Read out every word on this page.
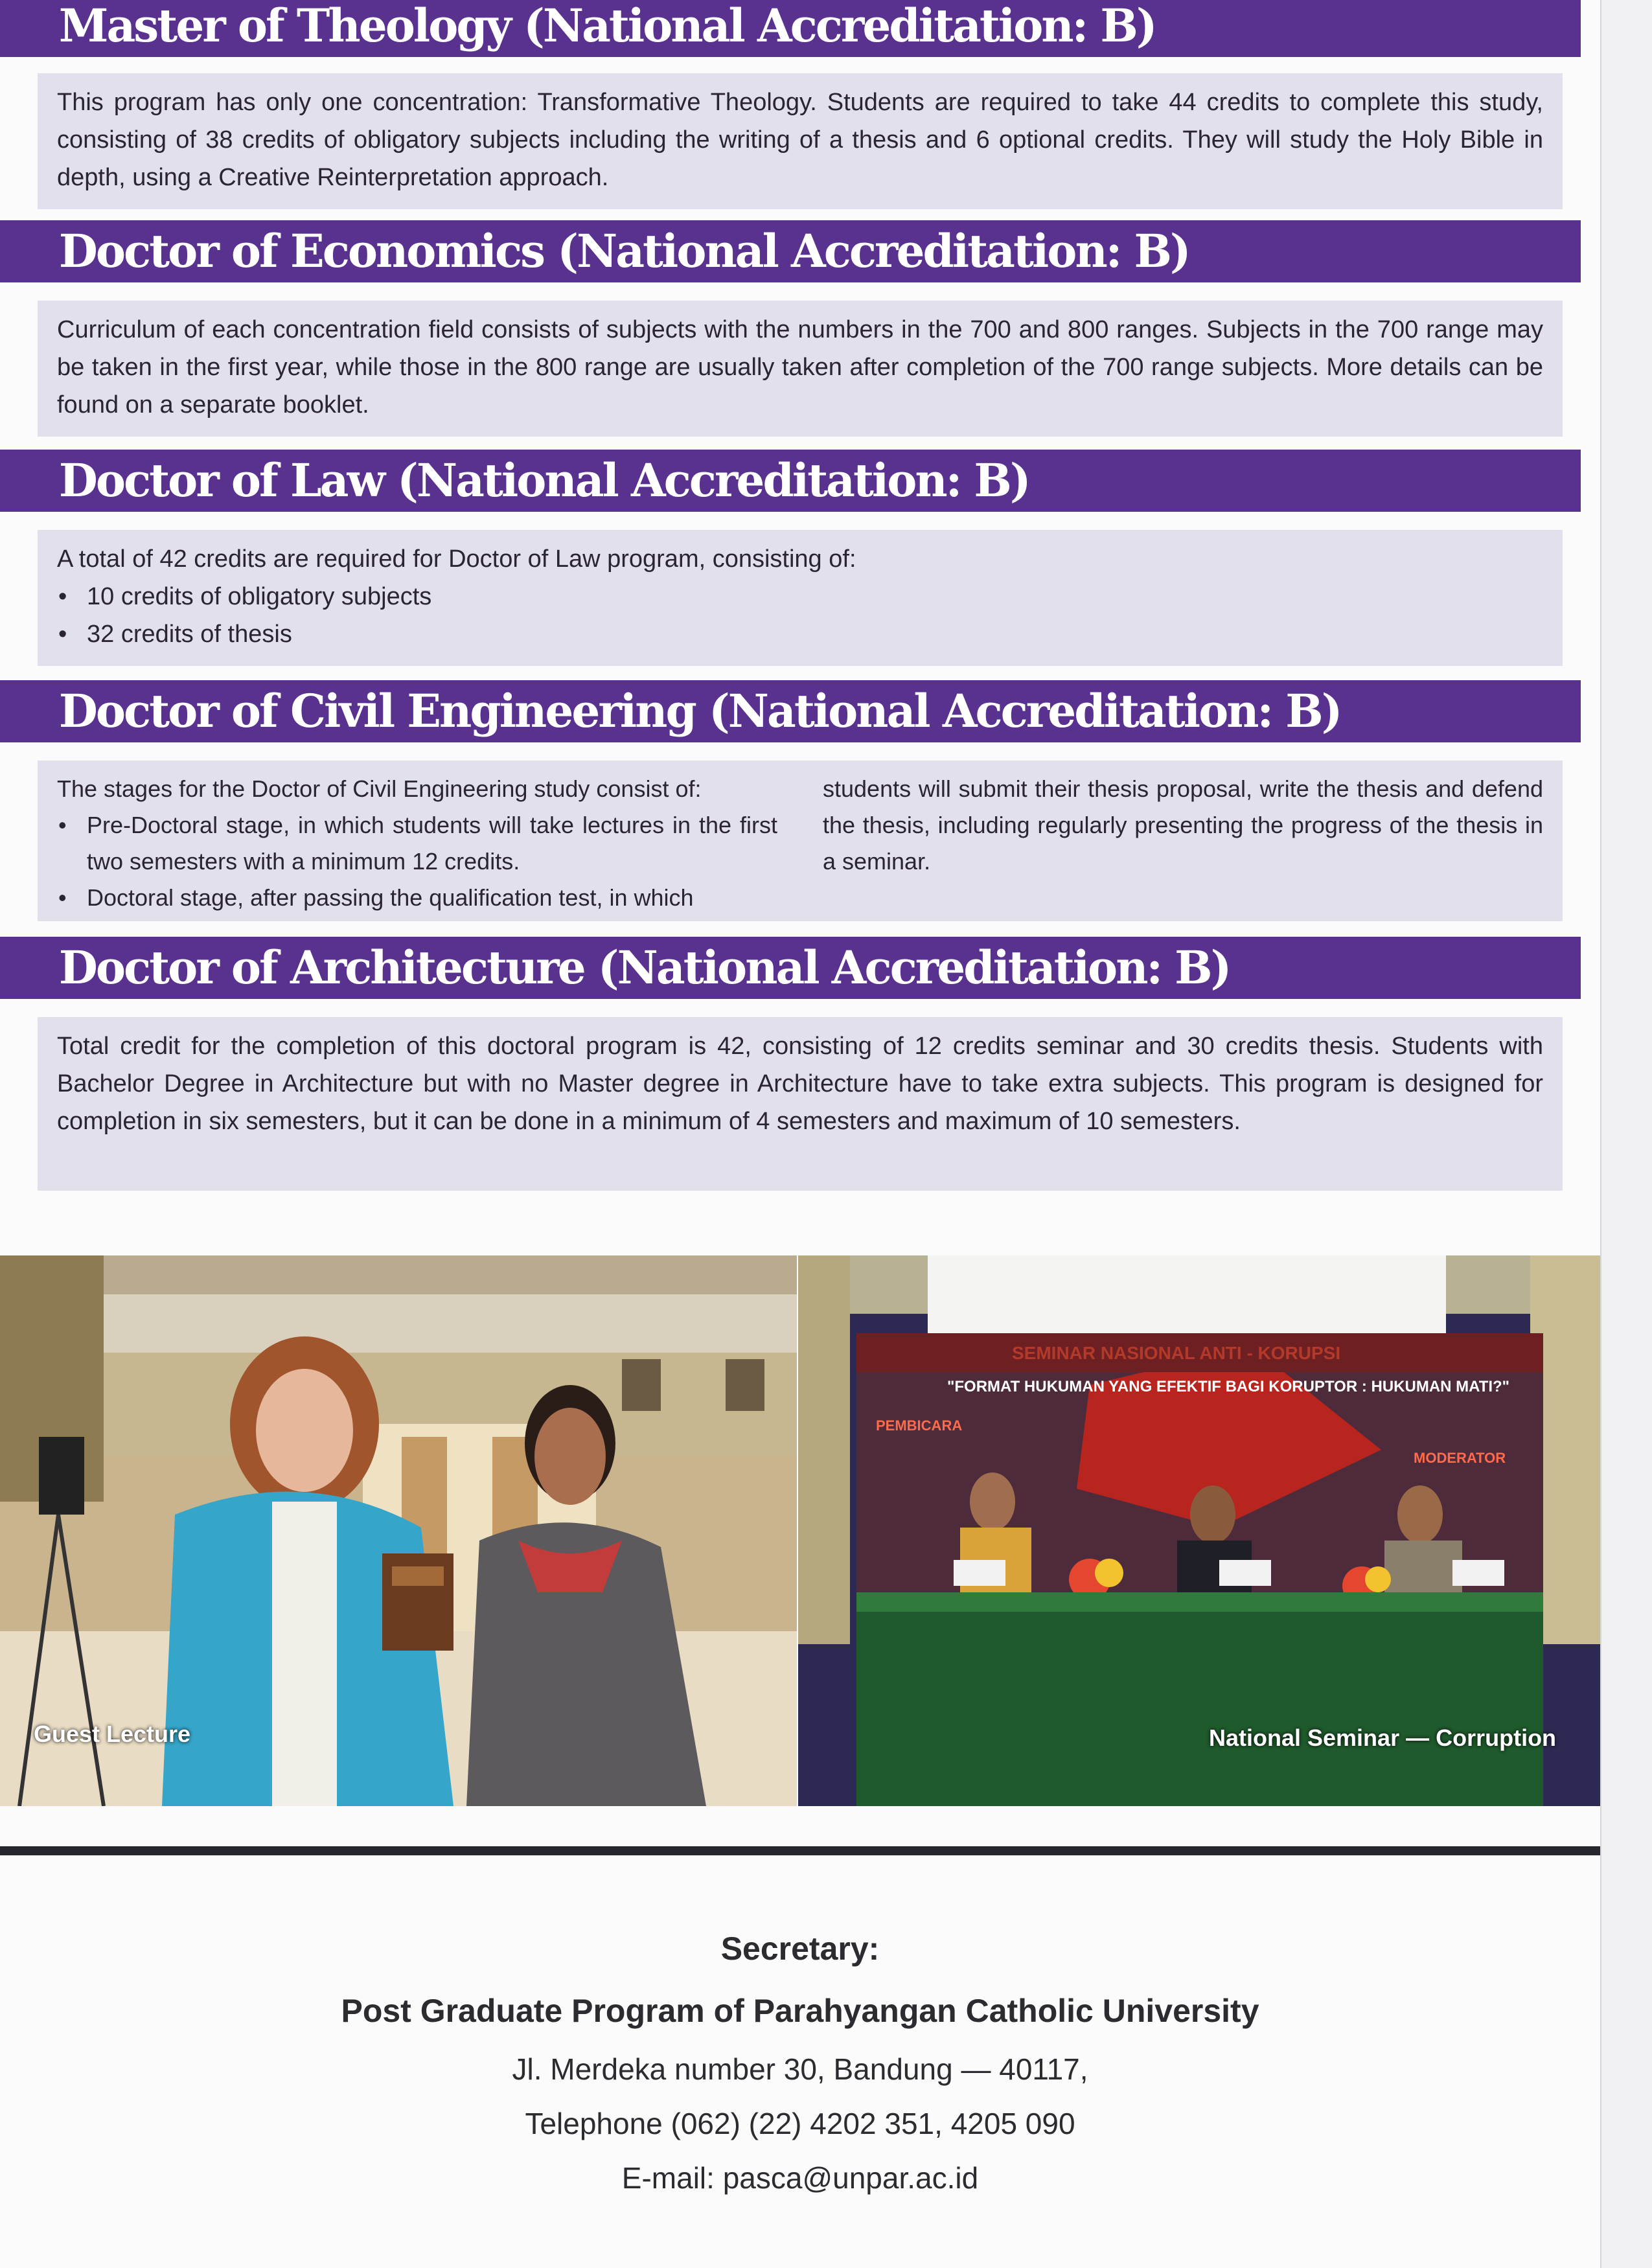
Master of Theology (National Accreditation: B)

This program has only one concentration: Transformative Theology. Students are required to take 44 credits to complete this study, consisting of 38 credits of obligatory subjects including the writing of a thesis and 6 optional credits. They will study the Holy Bible in depth, using a Creative Reinterpretation approach.

Doctor of Economics (National Accreditation: B)

Curriculum of each concentration field consists of subjects with the numbers in the 700 and 800 ranges. Subjects in the 700 range may be taken in the first year, while those in the 800 range are usually taken after completion of the 700 range subjects. More details can be found on a separate booklet.

Doctor of Law (National Accreditation: B)

A total of 42 credits are required for Doctor of Law program, consisting of:

• 10 credits of obligatory subjects
• 32 credits of thesis
Doctor of Civil Engineering (National Accreditation: B)

The stages for the Doctor of Civil Engineering study consist of:

• Pre-Doctoral stage, in which students will take lectures in the first two semesters with a minimum 12 credits.
• Doctoral stage, after passing the qualification test, in which

students will submit their thesis proposal, write the thesis and defend the thesis, including regularly presenting the progress of the thesis in a seminar.

Doctor of Architecture (National Accreditation: B)

Total credit for the completion of this doctoral program is 42, consisting of 12 credits seminar and 30 credits thesis. Students with Bachelor Degree in Architecture but with no Master degree in Architecture have to take extra subjects. This program is designed for completion in six semesters, but it can be done in a minimum of 4 semesters and maximum of 10 semesters.

Guest Lecture
SEMINAR NASIONAL ANTI - KORUPSI
"FORMAT HUKUMAN YANG EFEKTIF BAGI KORUPTOR : HUKUMAN MATI?"
PEMBICARA
MODERATOR
National Seminar — Corruption
Secretary:
Post Graduate Program of Parahyangan Catholic University
Jl. Merdeka number 30, Bandung — 40117,
Telephone (062) (22) 4202 351, 4205 090
E-mail: pasca@unpar.ac.id
